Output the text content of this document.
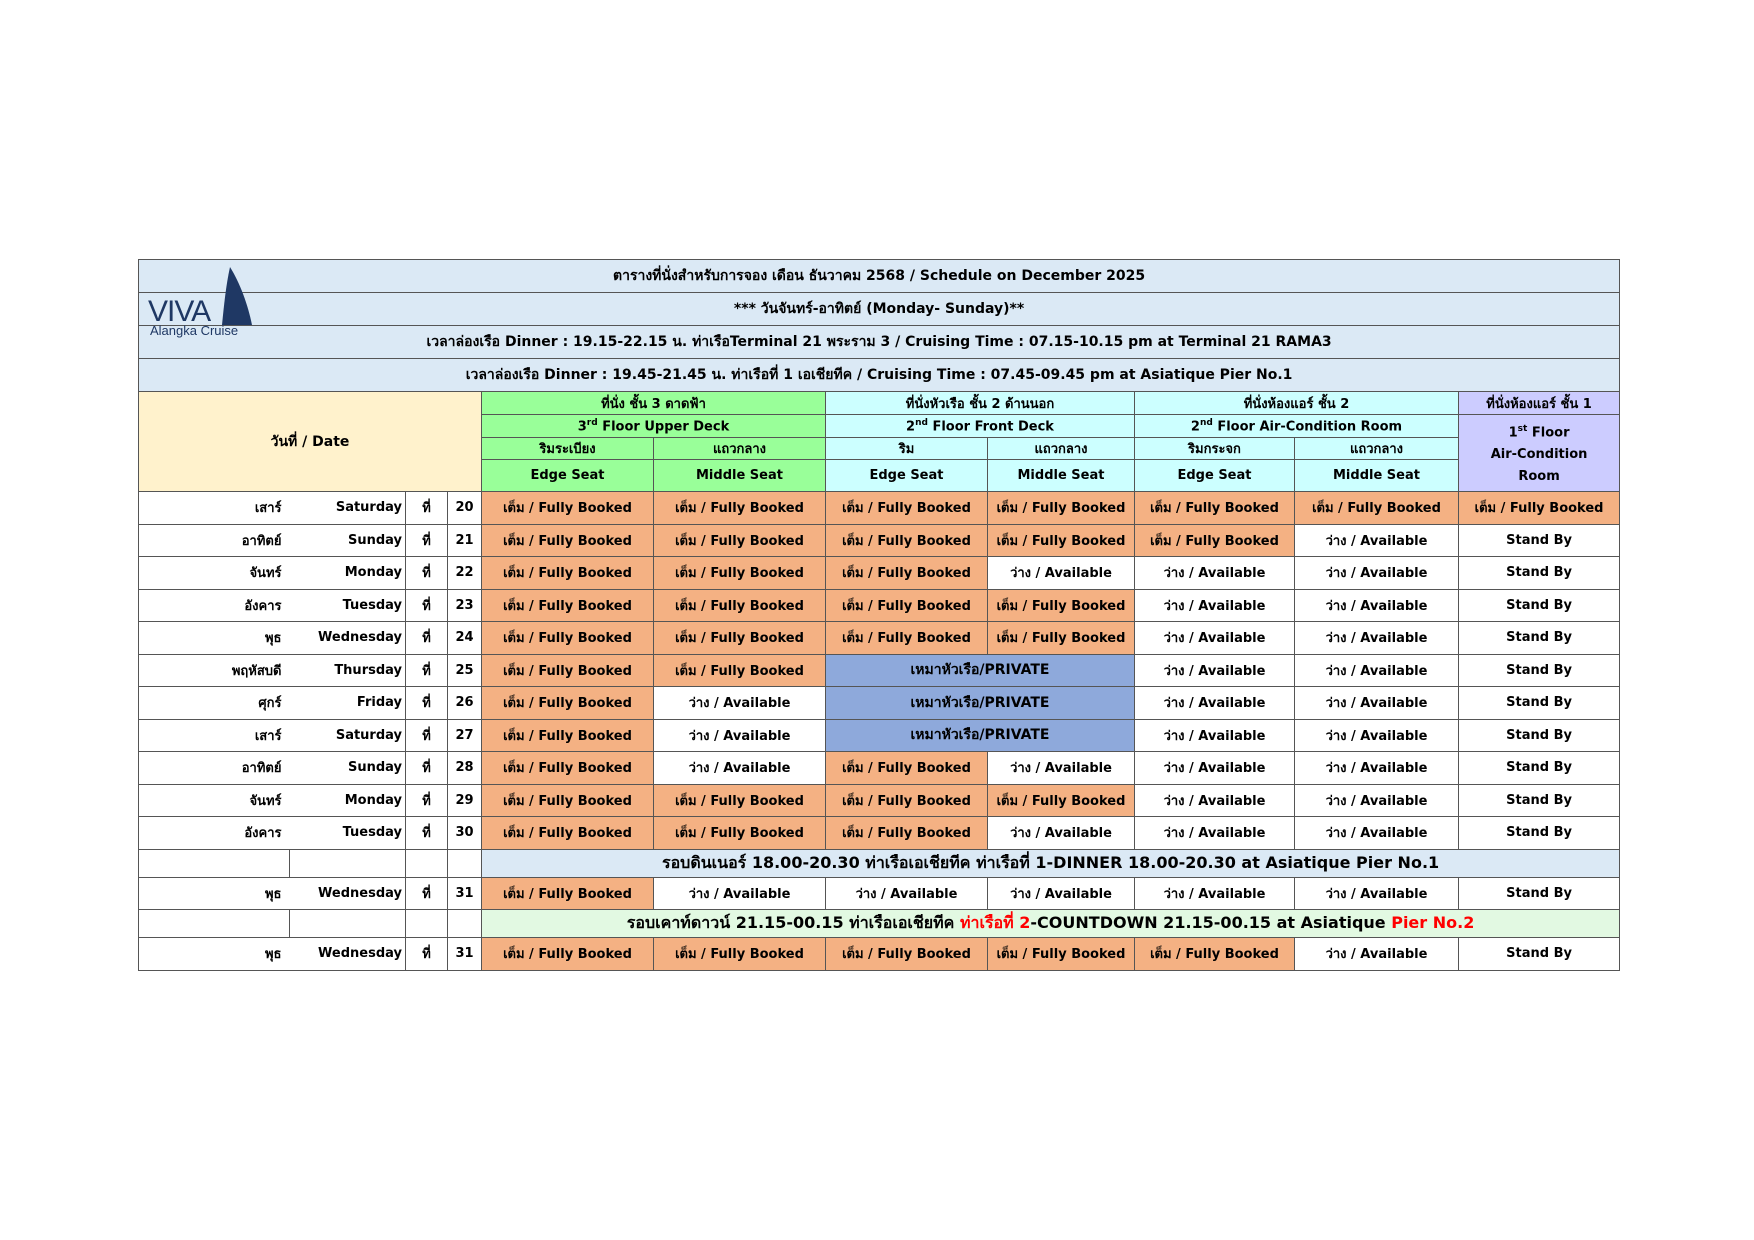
VIVA
Alangka Cruise
ตารางที่นั่งสำหรับการจอง เดือน ธันวาคม 2568 / Schedule on December 2025										
*** วันจันทร์-อาทิตย์ (Monday- Sunday)**										
เวลาล่องเรือ Dinner : 19.15-22.15 น. ท่าเรือTerminal 21 พระราม 3 / Cruising Time : 07.15-10.15 pm at Terminal 21 RAMA3										
เวลาล่องเรือ Dinner : 19.45-21.45 น. ท่าเรือที่ 1 เอเชียทีค / Cruising Time : 07.45-09.45 pm at Asiatique Pier No.1										
วันที่ / Date				ที่นั่ง ชั้น 3 ดาดฟ้า		ที่นั่งหัวเรือ ชั้น 2 ด้านนอก		ที่นั่งห้องแอร์ ชั้น 2		ที่นั่งห้องแอร์ ชั้น 1
				3rd Floor Upper Deck		2nd Floor Front Deck		2nd Floor Air-Condition Room		1st Floor
Air-Condition
Room
				ริมระเบียง	แถวกลาง	ริม	แถวกลาง	ริมกระจก	แถวกลาง	
				Edge Seat	Middle Seat	Edge Seat	Middle Seat	Edge Seat	Middle Seat	
เสาร์	Saturday	ที่	20	เต็ม / Fully Booked	เต็ม / Fully Booked	เต็ม / Fully Booked	เต็ม / Fully Booked	เต็ม / Fully Booked	เต็ม / Fully Booked	เต็ม / Fully Booked
อาทิตย์	Sunday	ที่	21	เต็ม / Fully Booked	เต็ม / Fully Booked	เต็ม / Fully Booked	เต็ม / Fully Booked	เต็ม / Fully Booked	ว่าง / Available	Stand By
จันทร์	Monday	ที่	22	เต็ม / Fully Booked	เต็ม / Fully Booked	เต็ม / Fully Booked	ว่าง / Available	ว่าง / Available	ว่าง / Available	Stand By
อังคาร	Tuesday	ที่	23	เต็ม / Fully Booked	เต็ม / Fully Booked	เต็ม / Fully Booked	เต็ม / Fully Booked	ว่าง / Available	ว่าง / Available	Stand By
พุธ	Wednesday	ที่	24	เต็ม / Fully Booked	เต็ม / Fully Booked	เต็ม / Fully Booked	เต็ม / Fully Booked	ว่าง / Available	ว่าง / Available	Stand By
พฤหัสบดี	Thursday	ที่	25	เต็ม / Fully Booked	เต็ม / Fully Booked	เหมาหัวเรือ/PRIVATE		ว่าง / Available	ว่าง / Available	Stand By
ศุกร์	Friday	ที่	26	เต็ม / Fully Booked	ว่าง / Available	เหมาหัวเรือ/PRIVATE		ว่าง / Available	ว่าง / Available	Stand By
เสาร์	Saturday	ที่	27	เต็ม / Fully Booked	ว่าง / Available	เหมาหัวเรือ/PRIVATE		ว่าง / Available	ว่าง / Available	Stand By
อาทิตย์	Sunday	ที่	28	เต็ม / Fully Booked	ว่าง / Available	เต็ม / Fully Booked	ว่าง / Available	ว่าง / Available	ว่าง / Available	Stand By
จันทร์	Monday	ที่	29	เต็ม / Fully Booked	เต็ม / Fully Booked	เต็ม / Fully Booked	เต็ม / Fully Booked	ว่าง / Available	ว่าง / Available	Stand By
อังคาร	Tuesday	ที่	30	เต็ม / Fully Booked	เต็ม / Fully Booked	เต็ม / Fully Booked	ว่าง / Available	ว่าง / Available	ว่าง / Available	Stand By
				รอบดินเนอร์ 18.00-20.30 ท่าเรือเอเชียทีค ท่าเรือที่ 1-DINNER 18.00-20.30 at Asiatique Pier No.1						
พุธ	Wednesday	ที่	31	เต็ม / Fully Booked	ว่าง / Available	ว่าง / Available	ว่าง / Available	ว่าง / Available	ว่าง / Available	Stand By
				รอบเคาท์ดาวน์ 21.15-00.15 ท่าเรือเอเชียทีค ท่าเรือที่ 2-COUNTDOWN 21.15-00.15 at Asiatique Pier No.2						
พุธ	Wednesday	ที่	31	เต็ม / Fully Booked	เต็ม / Fully Booked	เต็ม / Fully Booked	เต็ม / Fully Booked	เต็ม / Fully Booked	ว่าง / Available	Stand By
